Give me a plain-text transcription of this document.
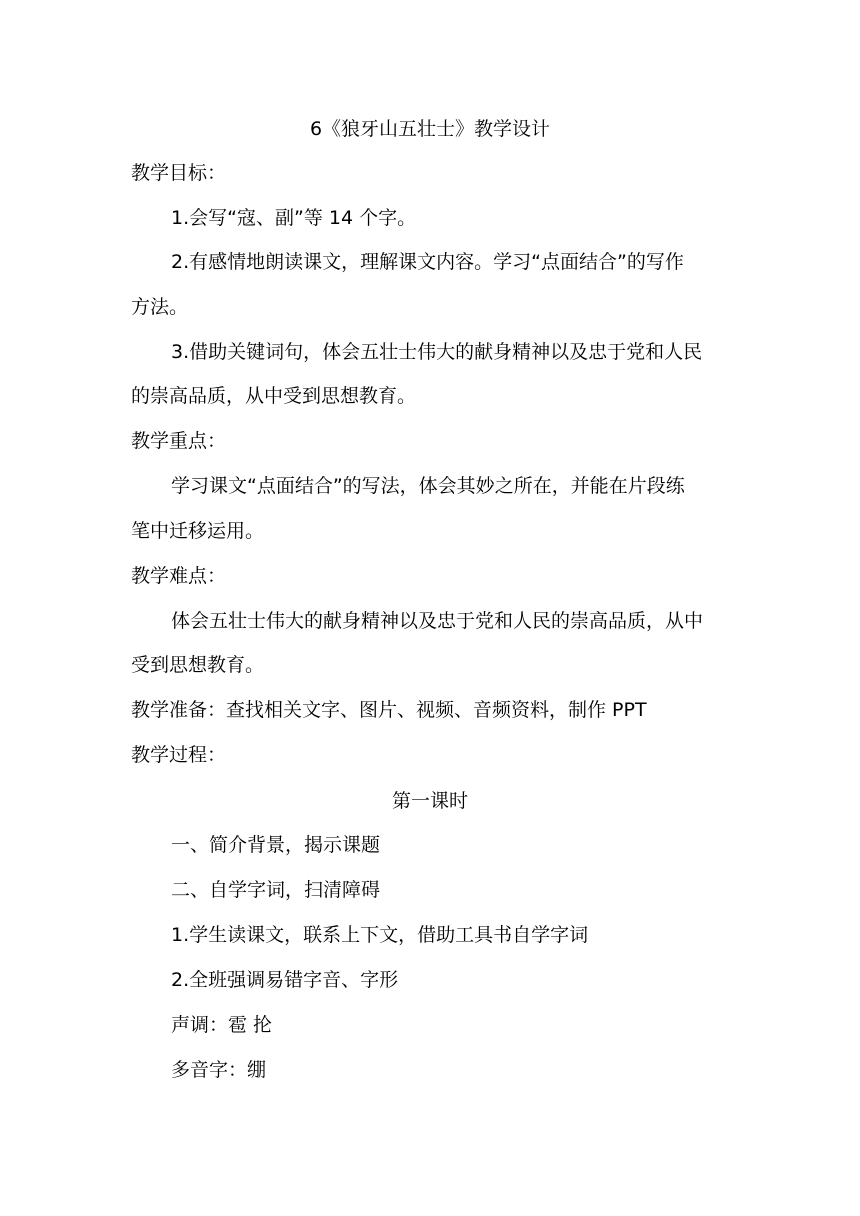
6《狼牙山五壮士》教学设计
教学目标：
1.会写“寇、副”等 14 个字。
2.有感情地朗读课文，理解课文内容。学习“点面结合”的写作
方法。
3.借助关键词句，体会五壮士伟大的献身精神以及忠于党和人民
的崇高品质，从中受到思想教育。
教学重点：
学习课文“点面结合”的写法，体会其妙之所在，并能在片段练
笔中迁移运用。
教学难点：
体会五壮士伟大的献身精神以及忠于党和人民的崇高品质，从中
受到思想教育。
教学准备：查找相关文字、图片、视频、音频资料，制作 PPT
教学过程：
第一课时
一、简介背景，揭示课题
二、自学字词，扫清障碍
1.学生读课文，联系上下文，借助工具书自学字词
2.全班强调易错字音、字形
声调：雹 抡
多音字：绷
